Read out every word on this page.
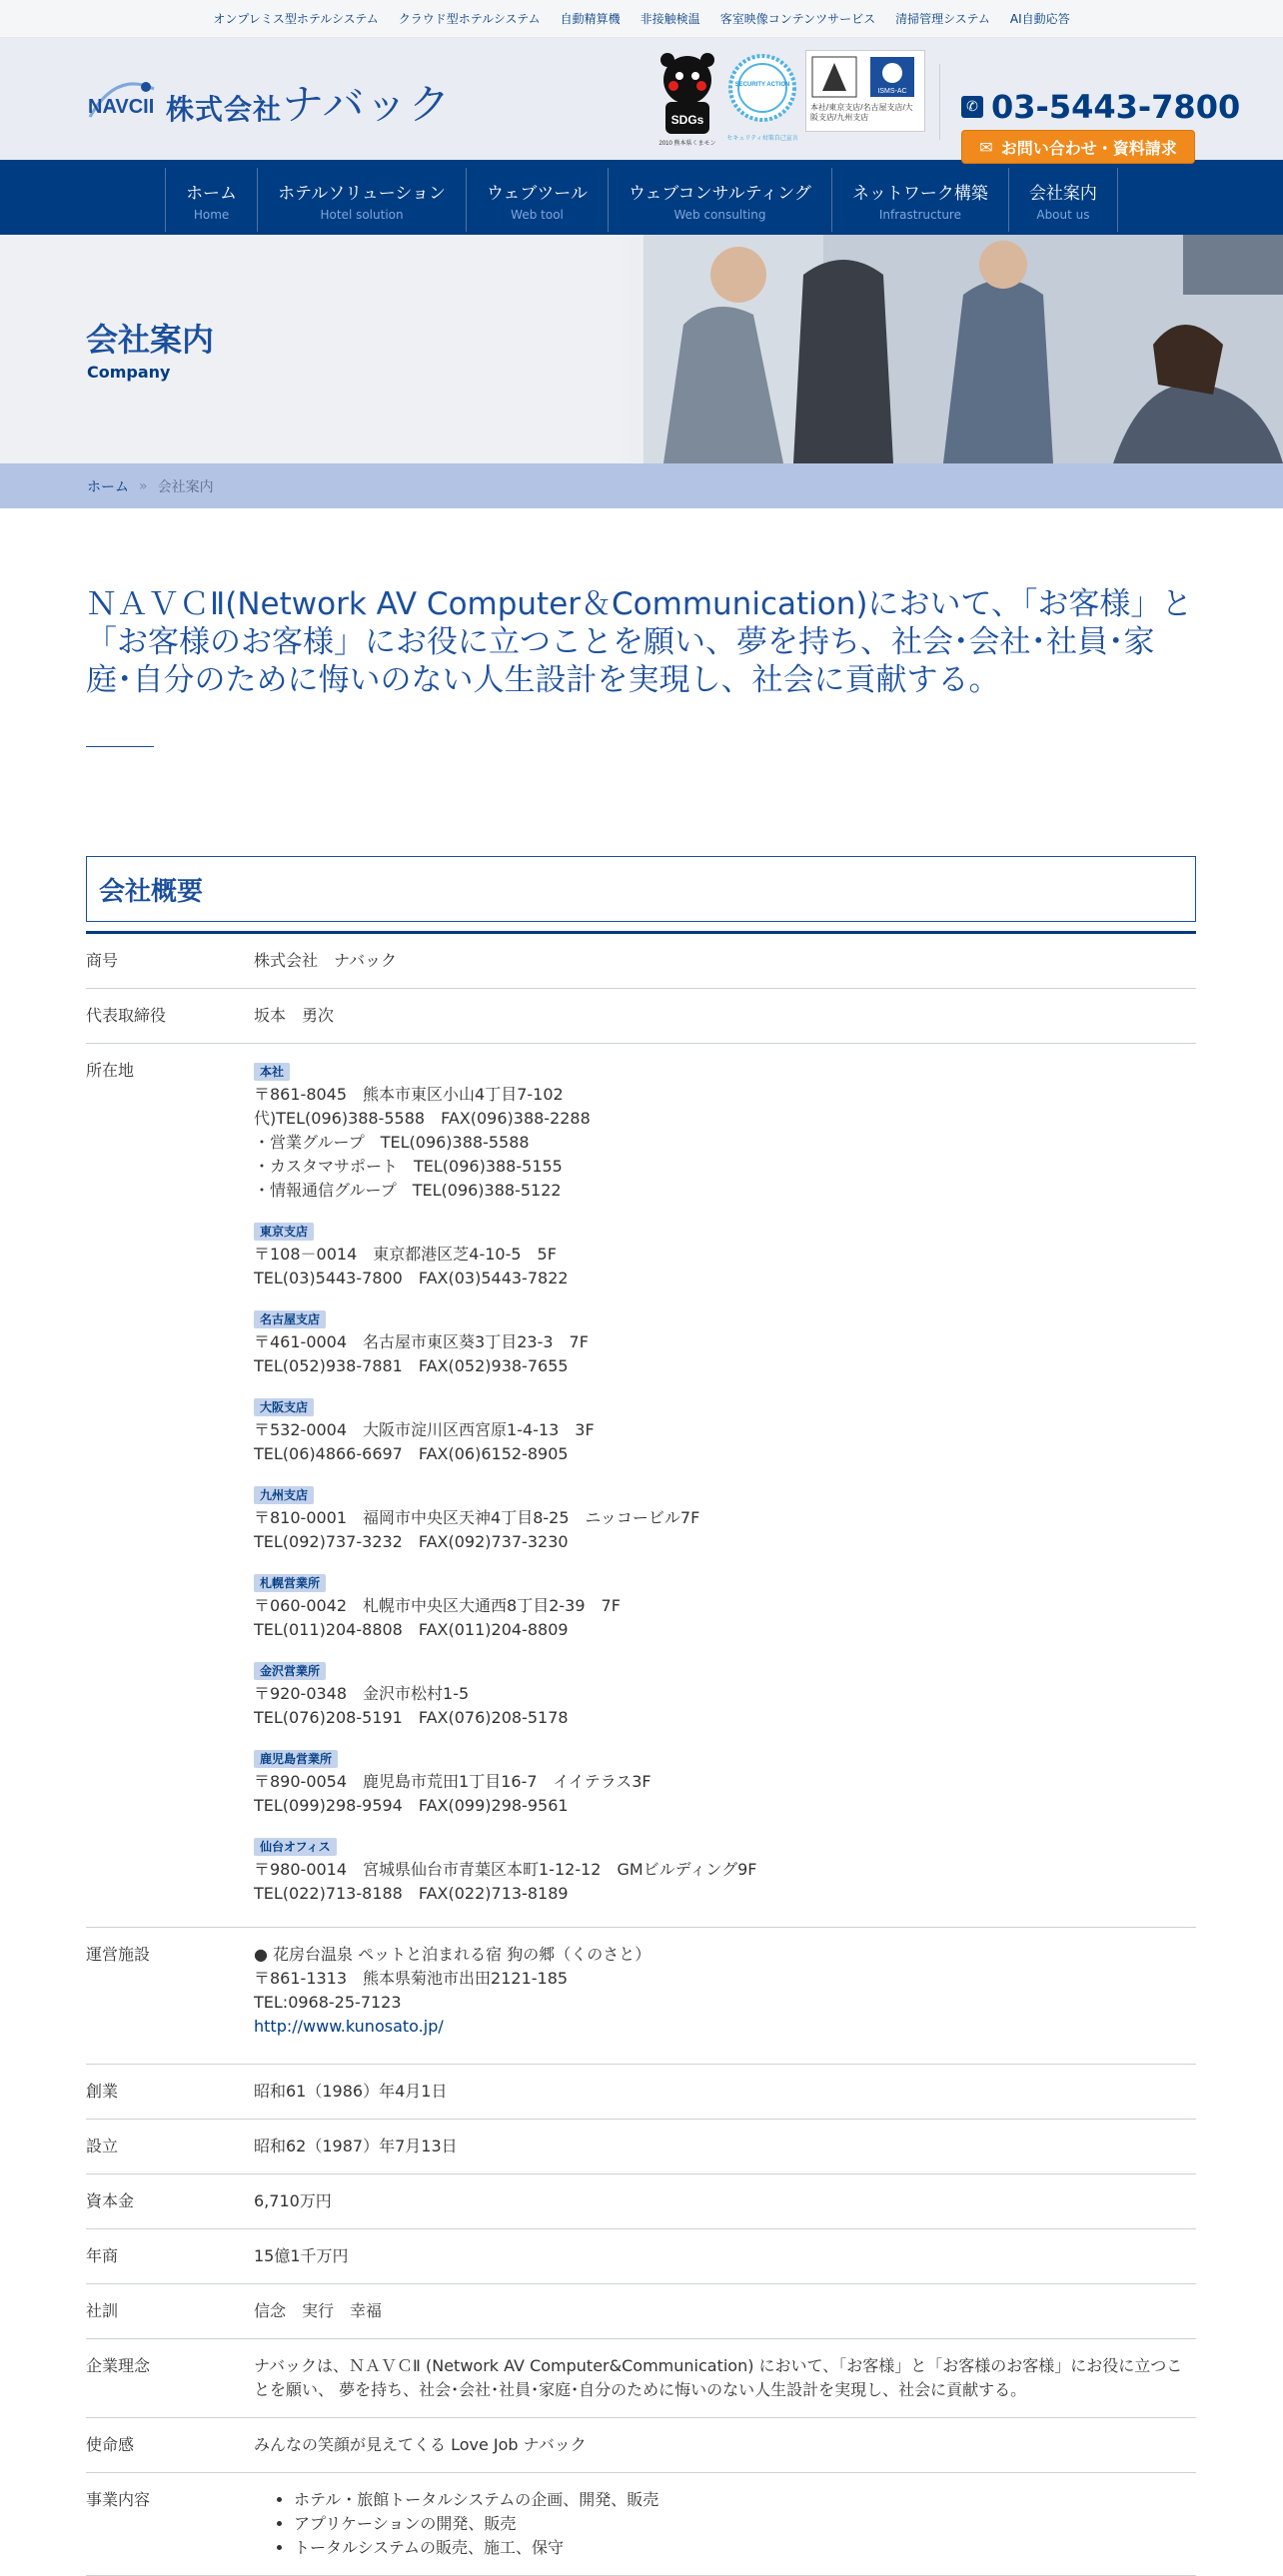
オンプレミス型ホテルシステム クラウド型ホテルシステム 自動精算機 非接触検温 客室映像コンテンツサービス 清掃管理システム AI自動応答
NAVCII 株式会社ナバック	SDGs
2010 熊本県くまモン
SECURITY ACTION
セキュリティ対策自己宣言
ISMS-AC
本社/東京支店/名古屋支店/大阪支店/九州支店
✆ 03-5443-7800
✉ お問い合わせ・資料請求
ホーム
Home
ホテルソリューション
Hotel solution
ウェブツール
Web tool
ウェブコンサルティング
Web consulting
ネットワーク構築
Infrastructure
会社案内
About us
会社案内
Company
ホーム » 会社案内

ＮＡＶＣⅡ(Network AV Computer＆Communication)において、「お客様」と「お客様のお客様」にお役に立つことを願い、夢を持ち、社会･会社･社員･家庭･自分のために悔いのない人生設計を実現し、社会に貢献する。

会社概要
商号	株式会社　ナバック
代表取締役	坂本　勇次
所在地	本社
〒861-8045　熊本市東区小山4丁目7-102
代)TEL(096)388-5588　FAX(096)388-2288
・営業グループ　TEL(096)388-5588
・カスタマサポート　TEL(096)388-5155
・情報通信グループ　TEL(096)388-5122
東京支店
〒108－0014　東京都港区芝4-10-5　5F
TEL(03)5443-7800　FAX(03)5443-7822
名古屋支店
〒461-0004　名古屋市東区葵3丁目23-3　7F
TEL(052)938-7881　FAX(052)938-7655
大阪支店
〒532-0004　大阪市淀川区西宮原1-4-13　3F
TEL(06)4866-6697　FAX(06)6152-8905
九州支店
〒810-0001　福岡市中央区天神4丁目8-25　ニッコービル7F
TEL(092)737-3232　FAX(092)737-3230
札幌営業所
〒060-0042　札幌市中央区大通西8丁目2-39　7F
TEL(011)204-8808　FAX(011)204-8809
金沢営業所
〒920-0348　金沢市松村1-5
TEL(076)208-5191　FAX(076)208-5178
鹿児島営業所
〒890-0054　鹿児島市荒田1丁目16-7　イイテラス3F
TEL(099)298-9594　FAX(099)298-9561
仙台オフィス
〒980-0014　宮城県仙台市青葉区本町1-12-12　GMビルディング9F
TEL(022)713-8188　FAX(022)713-8189
運営施設	● 花房台温泉 ペットと泊まれる宿 狗の郷（くのさと）
〒861-1313　熊本県菊池市出田2121-185
TEL:0968-25-7123
http://www.kunosato.jp/
創業	昭和61（1986）年4月1日
設立	昭和62（1987）年7月13日
資本金	6,710万円
年商	15億1千万円
社訓	信念　実行　幸福
企業理念	ナバックは、ＮＡＶＣⅡ (Network AV Computer&Communication) において、「お客様」と「お客様のお客様」にお役に立つことを願い、 夢を持ち、社会･会社･社員･家庭･自分のために悔いのない人生設計を実現し、社会に貢献する。
使命感	みんなの笑顔が見えてくる Love Job ナバック
事業内容
•	ホテル・旅館トータルシステムの企画、開発、販売
• アプリケーションの開発、販売
• トータルシステムの販売、施工、保守
